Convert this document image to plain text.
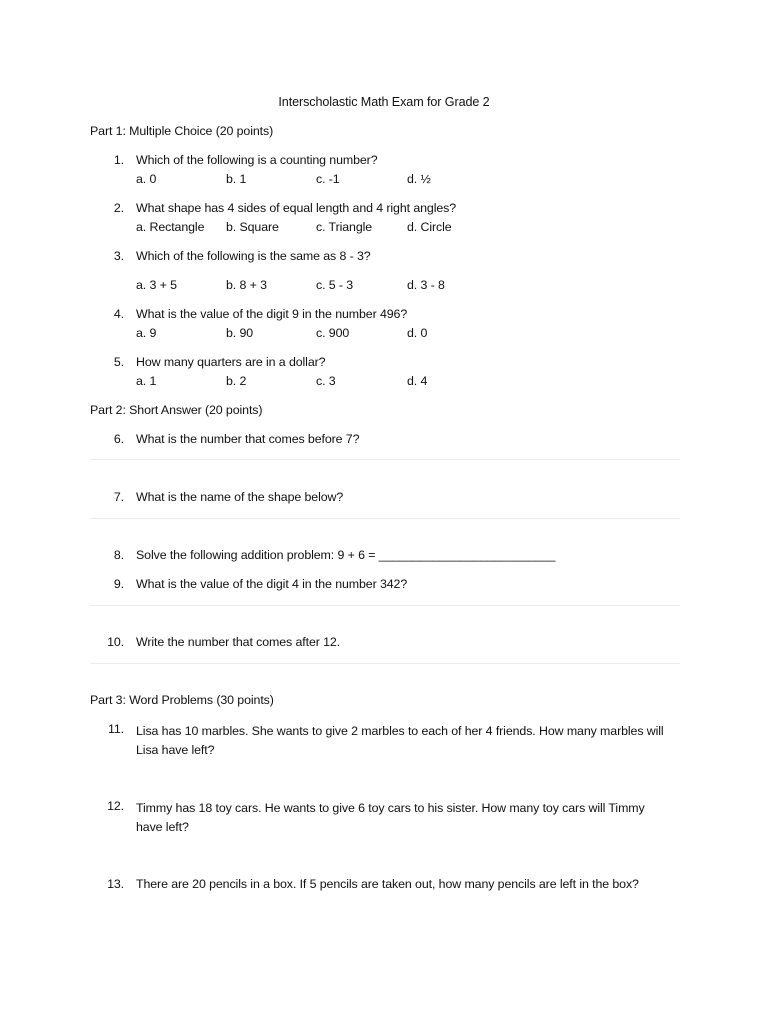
Interscholastic Math Exam for Grade 2
Part 1: Multiple Choice (20 points)
1. Which of the following is a counting number?
a. 0	b. 1	c. -1	d. ½
2. What shape has 4 sides of equal length and 4 right angles?
a. Rectangle b. Square	c. Triangle	d. Circle
3. Which of the following is the same as 8 - 3?
a. 3 + 5	b. 8 + 3	c. 5 - 3	d. 3 - 8
4. What is the value of the digit 9 in the number 496?
a. 9	b. 90	c. 900	d. 0
5. How many quarters are in a dollar?
a. 1	b. 2	c. 3	d. 4
Part 2: Short Answer (20 points)
6. What is the number that comes before 7?
7. What is the name of the shape below?
8. Solve the following addition problem: 9 + 6 = __________________________
9. What is the value of the digit 4 in the number 342?
10. Write the number that comes after 12.
Part 3: Word Problems (30 points)
11. Lisa has 10 marbles. She wants to give 2 marbles to each of her 4 friends. How many marbles will Lisa have left?
12. Timmy has 18 toy cars. He wants to give 6 toy cars to his sister. How many toy cars will Timmy have left?
13. There are 20 pencils in a box. If 5 pencils are taken out, how many pencils are left in the box?
